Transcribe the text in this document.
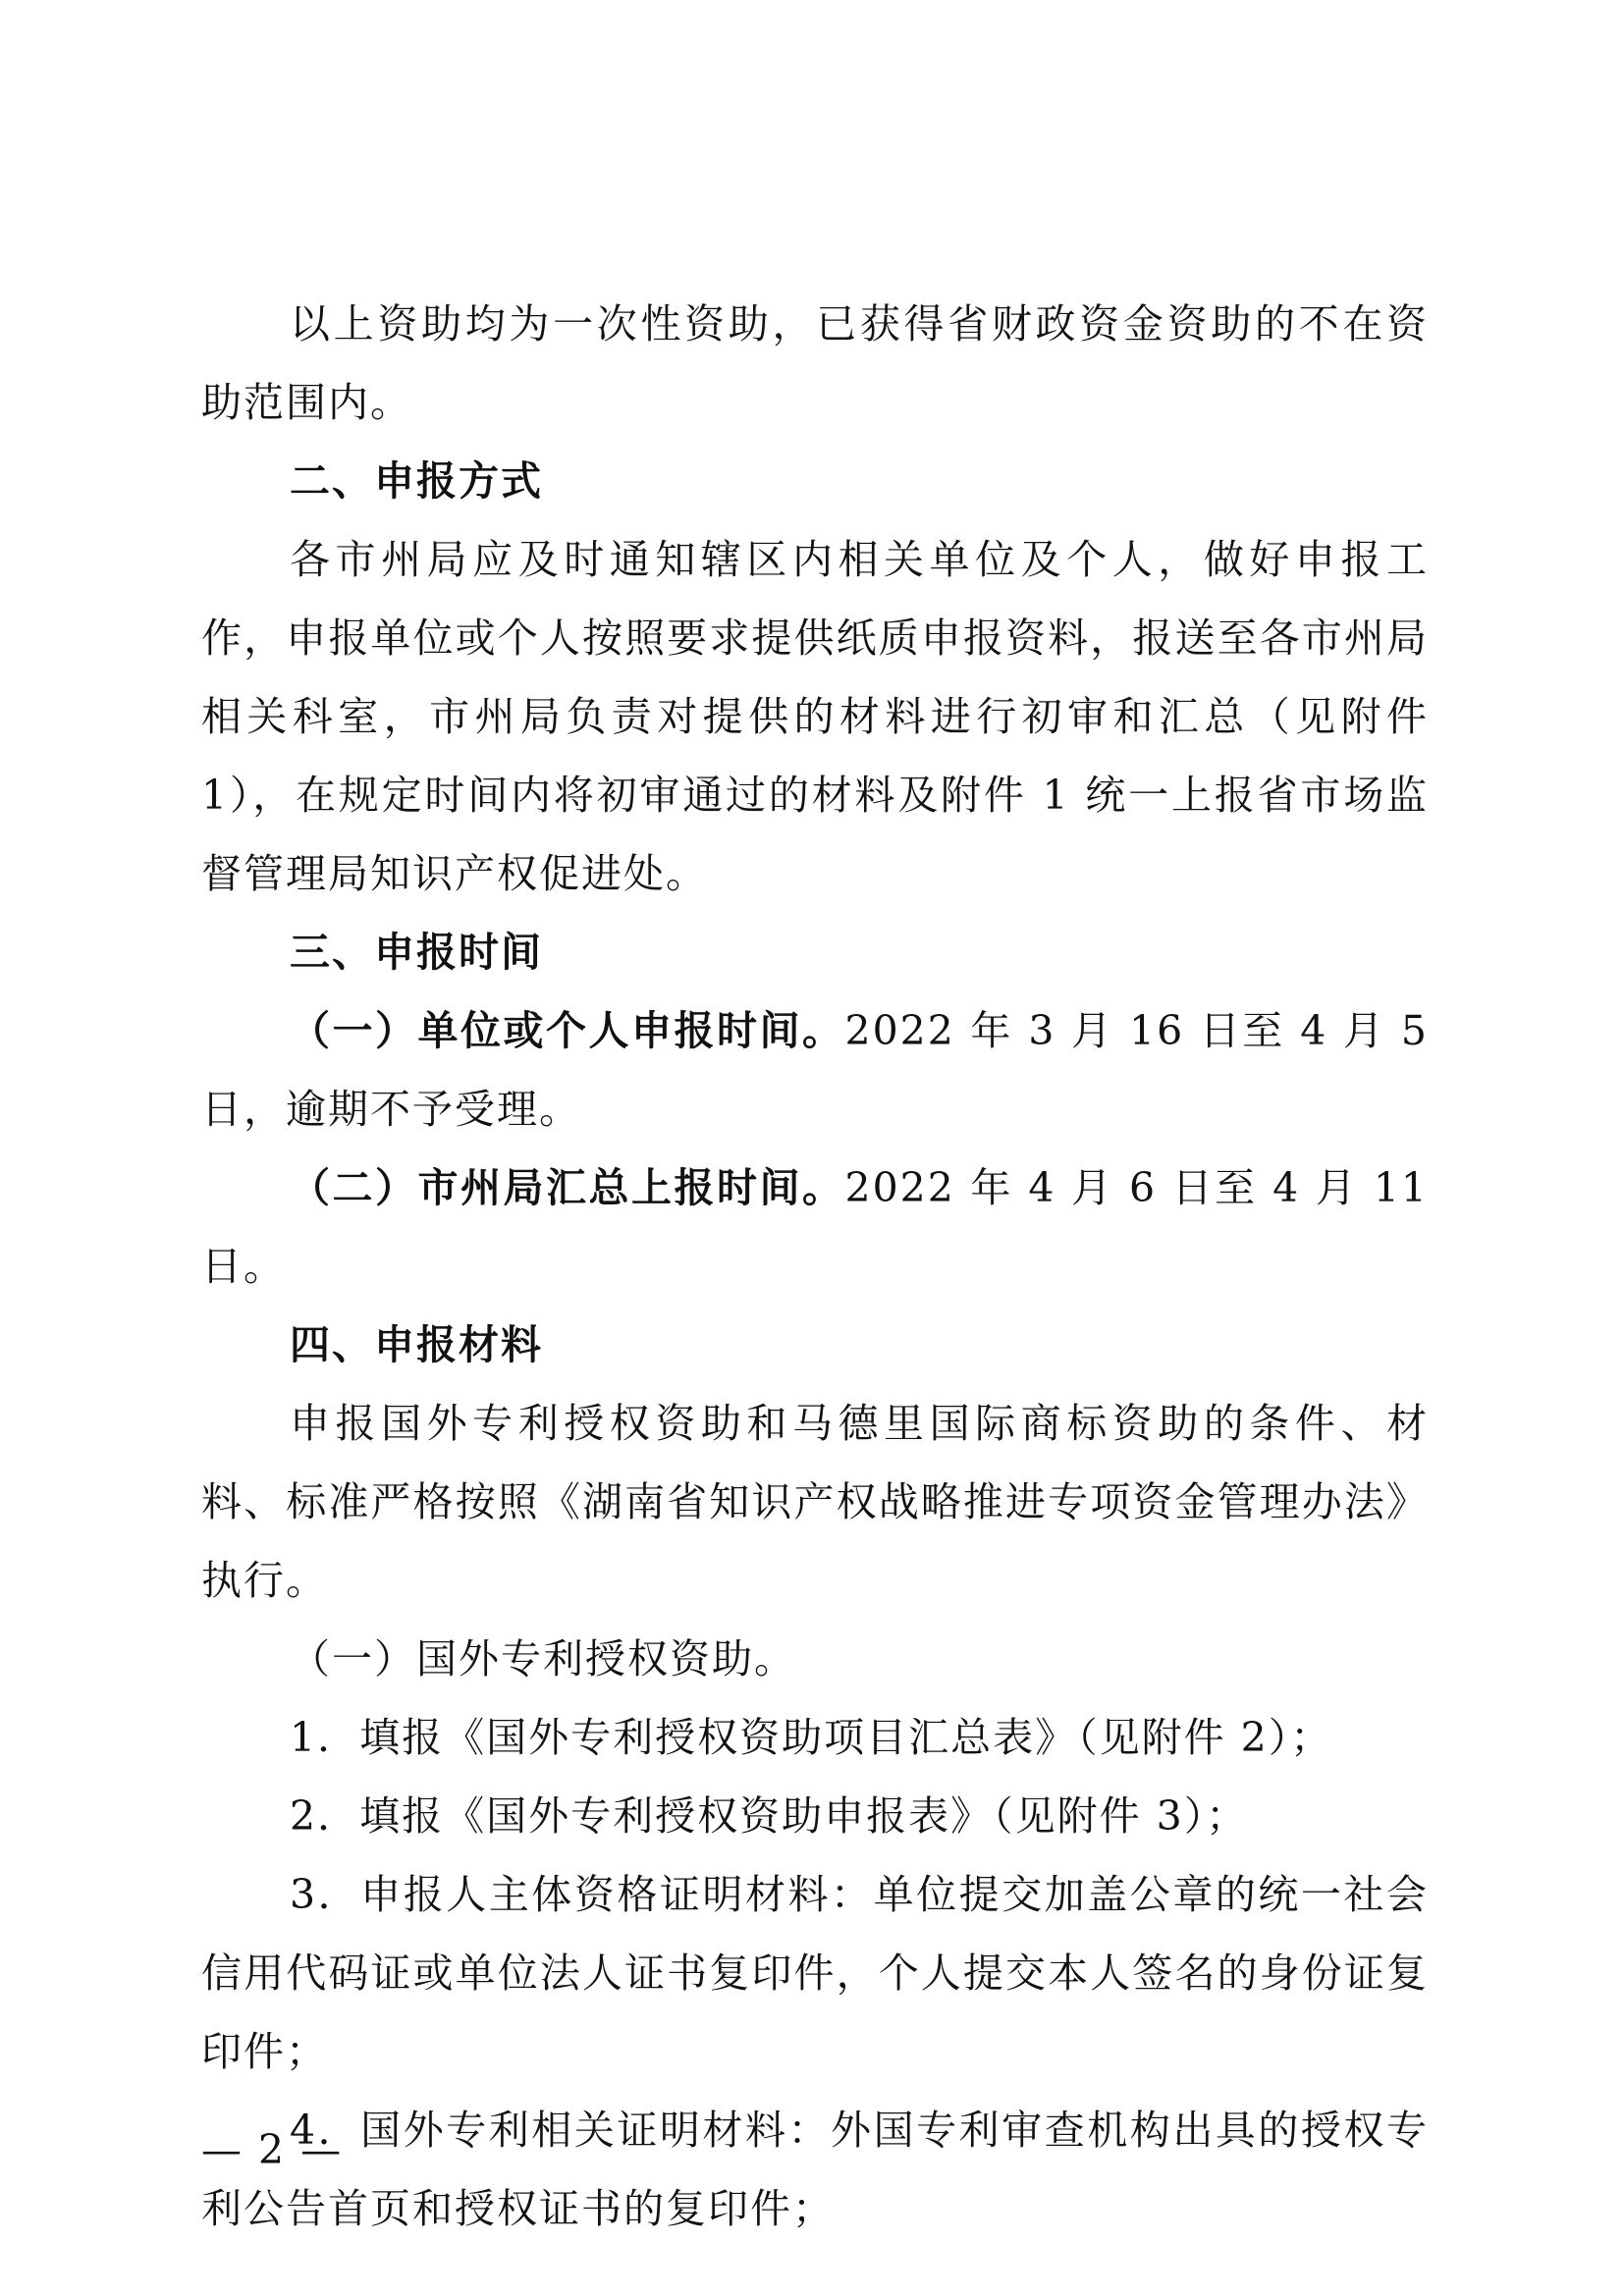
以上资助均为一次性资助，已获得省财政资金资助的不在资助范围内。

二、申报方式

各市州局应及时通知辖区内相关单位及个人，做好申报工作，申报单位或个人按照要求提供纸质申报资料，报送至各市州局相关科室，市州局负责对提供的材料进行初审和汇总（见附件1），在规定时间内将初审通过的材料及附件 1 统一上报省市场监督管理局知识产权促进处。

三、申报时间

（一）单位或个人申报时间。2022 年 3 月 16 日至 4 月 5 日，逾期不予受理。

（二）市州局汇总上报时间。2022 年 4 月 6 日至 4 月 11 日。

四、申报材料

申报国外专利授权资助和马德里国际商标资助的条件、材料、标准严格按照《湖南省知识产权战略推进专项资金管理办法》执行。

（一）国外专利授权资助。

1．填报《国外专利授权资助项目汇总表》（见附件 2）；

2．填报《国外专利授权资助申报表》（见附件 3）；

3．申报人主体资格证明材料：单位提交加盖公章的统一社会信用代码证或单位法人证书复印件，个人提交本人签名的身份证复印件；

4．国外专利相关证明材料：外国专利审查机构出具的授权专利公告首页和授权证书的复印件；

— 2 —
